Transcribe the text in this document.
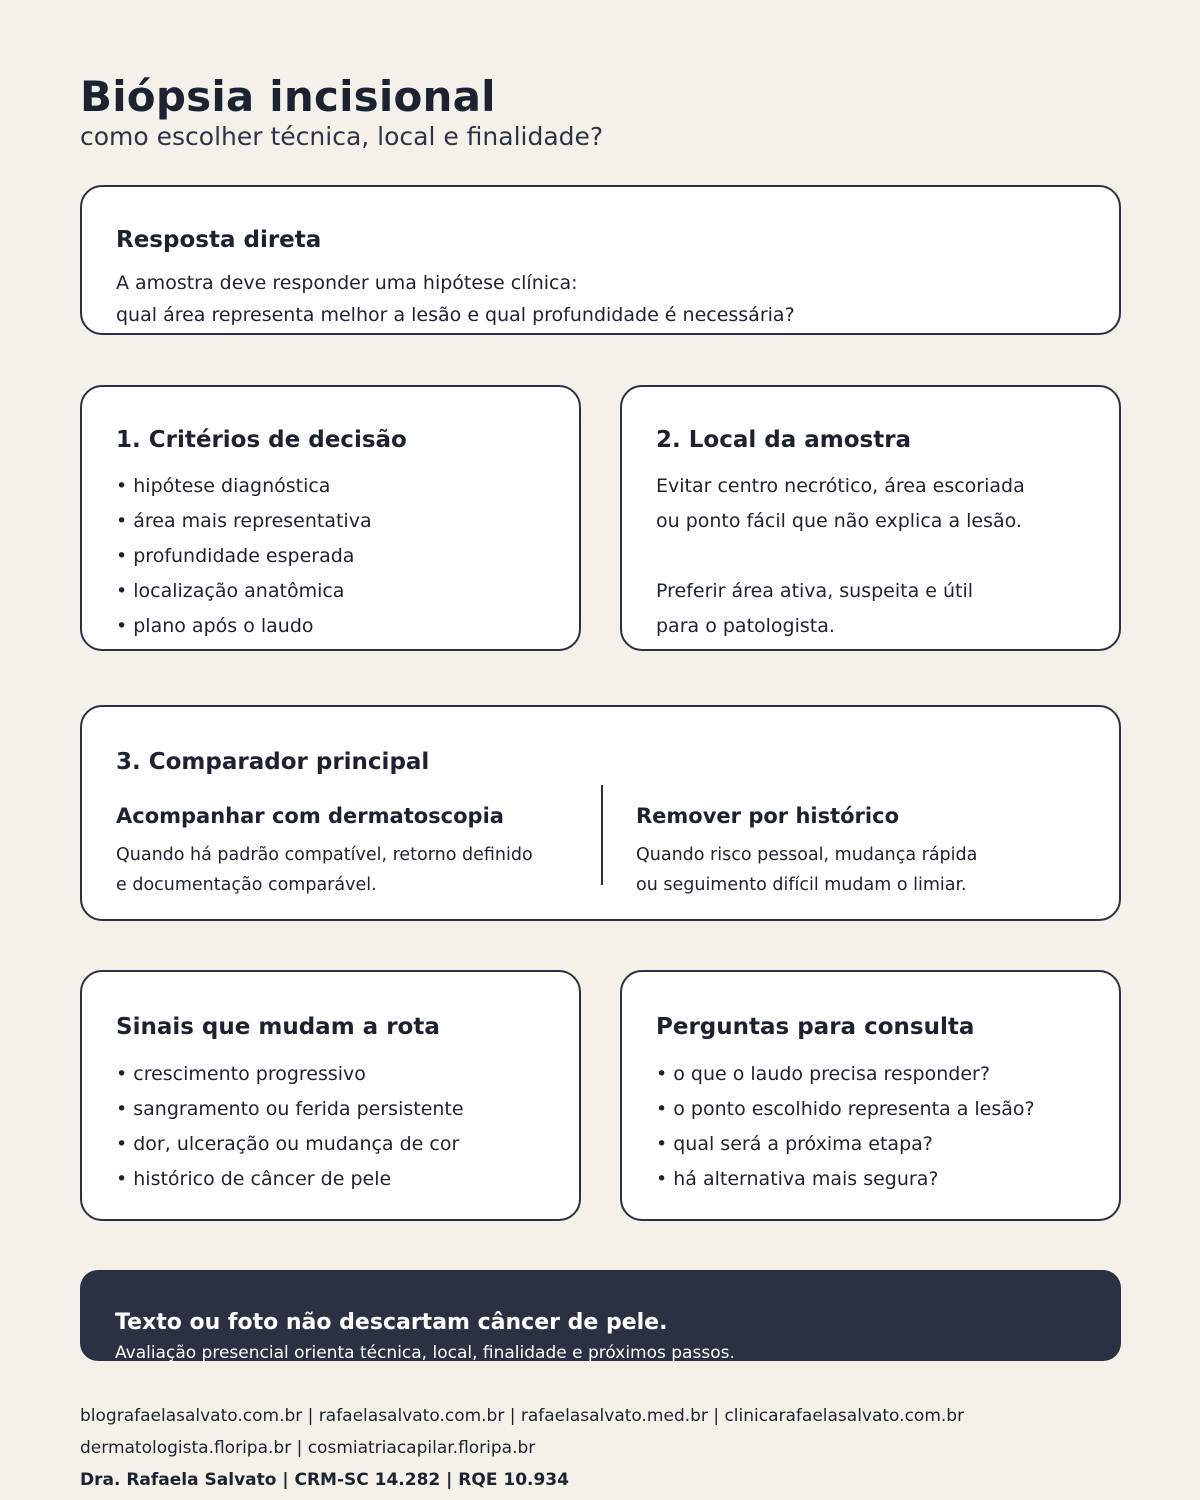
Biópsia incisional
como escolher técnica, local e finalidade?
Resposta direta
A amostra deve responder uma hipótese clínica:
qual área representa melhor a lesão e qual profundidade é necessária?
1. Critérios de decisão
• hipótese diagnóstica
• área mais representativa
• profundidade esperada
• localização anatômica
• plano após o laudo
2. Local da amostra
Evitar centro necrótico, área escoriada
ou ponto fácil que não explica a lesão.
Preferir área ativa, suspeita e útil
para o patologista.
3. Comparador principal
Acompanhar com dermatoscopia
Quando há padrão compatível, retorno definido
e documentação comparável.
Remover por histórico
Quando risco pessoal, mudança rápida
ou seguimento difícil mudam o limiar.
Sinais que mudam a rota
• crescimento progressivo
• sangramento ou ferida persistente
• dor, ulceração ou mudança de cor
• histórico de câncer de pele
Perguntas para consulta
• o que o laudo precisa responder?
• o ponto escolhido representa a lesão?
• qual será a próxima etapa?
• há alternativa mais segura?
Texto ou foto não descartam câncer de pele.
Avaliação presencial orienta técnica, local, finalidade e próximos passos.
blografaelasalvato.com.br | rafaelasalvato.com.br | rafaelasalvato.med.br | clinicarafaelasalvato.com.br
dermatologista.floripa.br | cosmiatriacapilar.floripa.br
Dra. Rafaela Salvato | CRM-SC 14.282 | RQE 10.934
